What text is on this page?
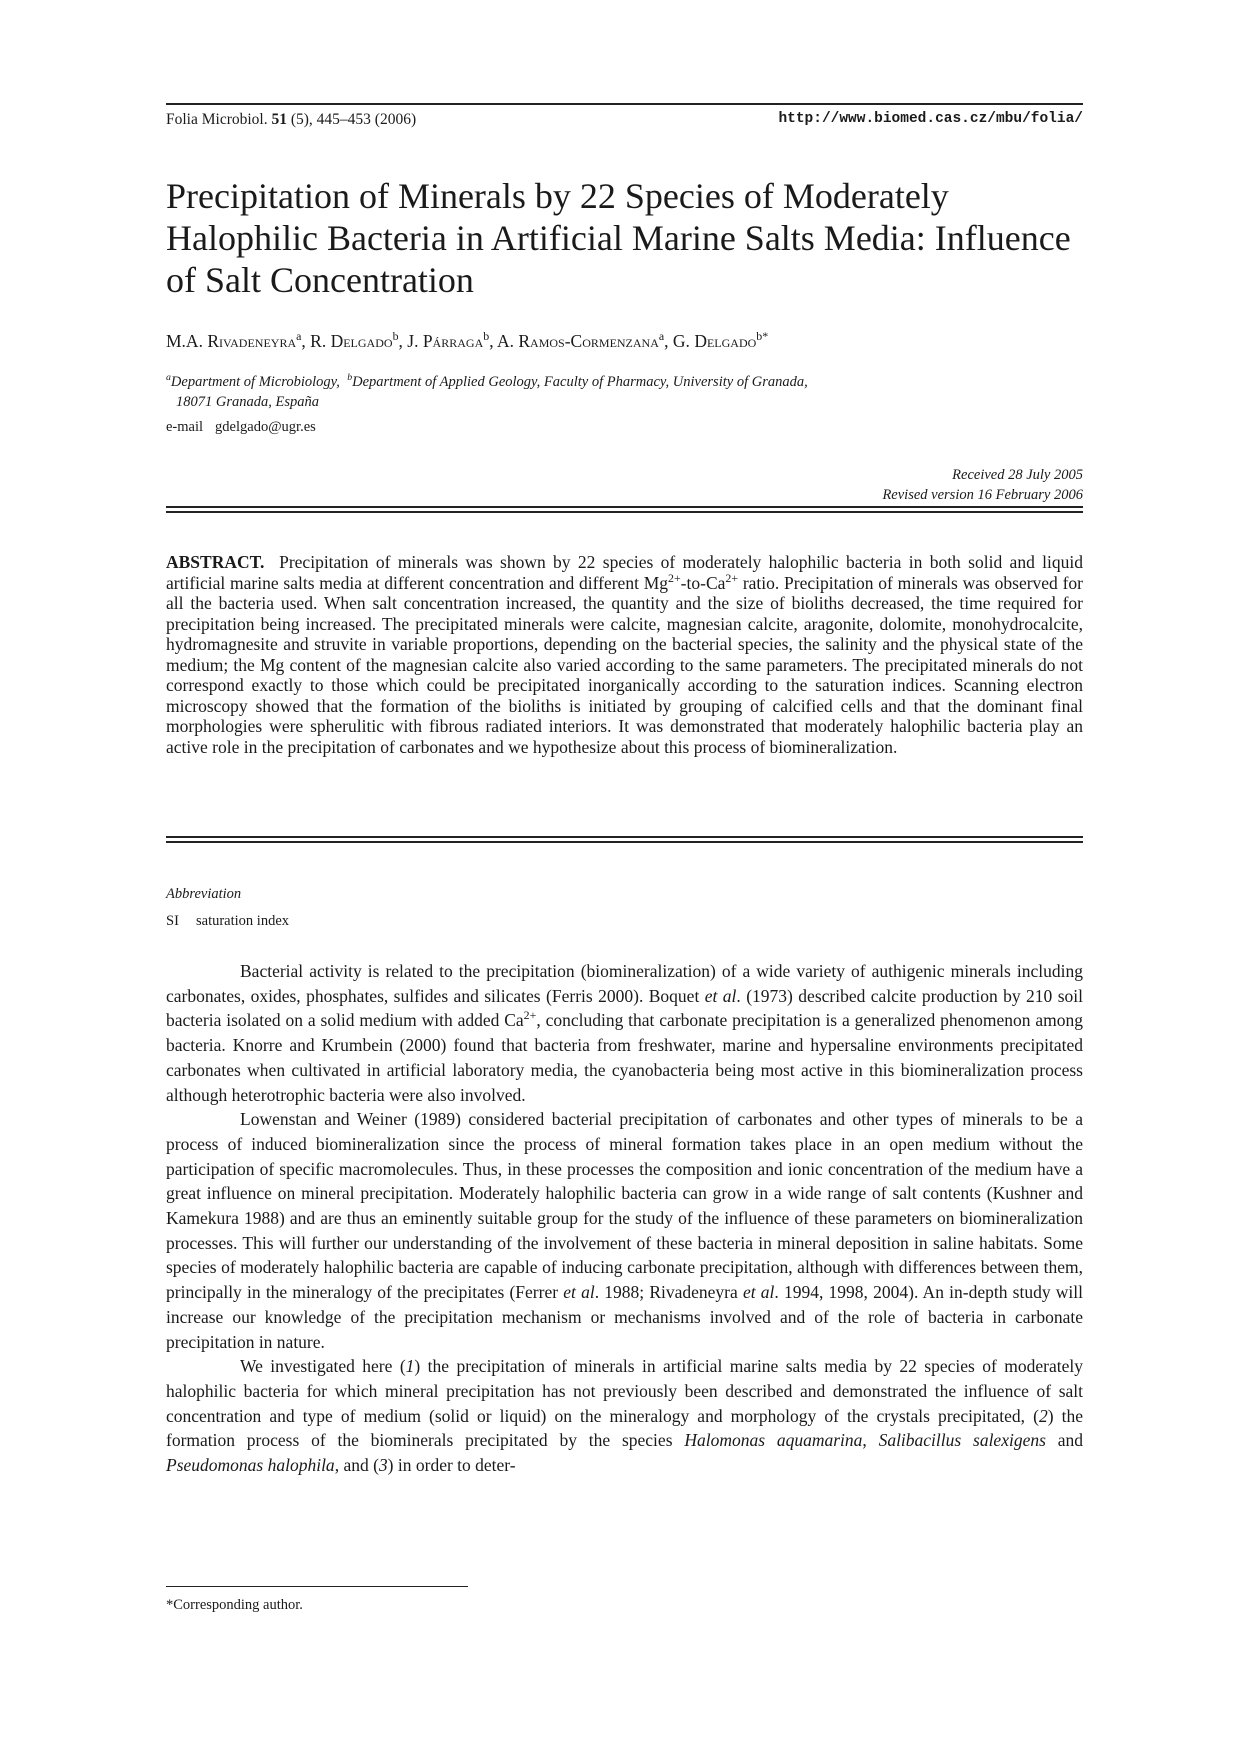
Folia Microbiol. 51 (5), 445–453 (2006)	http://www.biomed.cas.cz/mbu/folia/
Precipitation of Minerals by 22 Species of Moderately Halophilic Bacteria in Artificial Marine Salts Media: Influence of Salt Concentration
M.A. Rivadeneyra$^a$, R. Delgado$^b$, J. Párraga$^b$, A. Ramos-Cormenzana$^a$, G. Delgado$^{b*}$
$^a$Department of Microbiology, $^b$Department of Applied Geology, Faculty of Pharmacy, University of Granada,
18071 Granada, España
e-mail gdelgado@ugr.es
Received 28 July 2005
Revised version 16 February 2006

ABSTRACT. Precipitation of minerals was shown by 22 species of moderately halophilic bacteria in both solid and liquid artificial marine salts media at different concentration and different $Mg^{2+}-to-Ca^{2+}$ ratio. Precipitation of minerals was observed for all the bacteria used. When salt concentration increased, the quantity and the size of bioliths decreased, the time required for precipitation being increased. The precipitated minerals were calcite, magnesian calcite, aragonite, dolomite, monohydrocalcite, hydromagnesite and struvite in variable proportions, depending on the bacterial species, the salinity and the physical state of the medium; the Mg content of the magnesian calcite also varied according to the same parameters. The precipitated minerals do not correspond exactly to those which could be precipitated inorganically according to the saturation indices. Scanning electron microscopy showed that the formation of the bioliths is initiated by grouping of calcified cells and that the dominant final morphologies were spherulitic with fibrous radiated interiors. It was demonstrated that moderately halophilic bacteria play an active role in the precipitation of carbonates and we hypothesize about this process of biomineralization.

Abbreviation
SI saturation index

Bacterial activity is related to the precipitation (biomineralization) of a wide variety of authigenic minerals including carbonates, oxides, phosphates, sulfides and silicates (Ferris 2000). Boquet et al. (1973) described calcite production by 210 soil bacteria isolated on a solid medium with added $Ca^{2+}$, concluding that carbonate precipitation is a generalized phenomenon among bacteria. Knorre and Krumbein (2000) found that bacteria from freshwater, marine and hypersaline environments precipitated carbonates when cultivated in artificial laboratory media, the cyanobacteria being most active in this biomineralization process although heterotrophic bacteria were also involved.

Lowenstan and Weiner (1989) considered bacterial precipitation of carbonates and other types of minerals to be a process of induced biomineralization since the process of mineral formation takes place in an open medium without the participation of specific macromolecules. Thus, in these processes the composition and ionic concentration of the medium have a great influence on mineral precipitation. Moderately halophilic bacteria can grow in a wide range of salt contents (Kushner and Kamekura 1988) and are thus an eminently suitable group for the study of the influence of these parameters on biomineralization processes. This will further our understanding of the involvement of these bacteria in mineral deposition in saline habitats. Some species of moderately halophilic bacteria are capable of inducing carbonate precipitation, although with differences between them, principally in the mineralogy of the precipitates (Ferrer et al. 1988; Rivadeneyra et al. 1994, 1998, 2004). An in-depth study will increase our knowledge of the precipitation mechanism or mechanisms involved and of the role of bacteria in carbonate precipitation in nature.

We investigated here (1) the precipitation of minerals in artificial marine salts media by 22 species of moderately halophilic bacteria for which mineral precipitation has not previously been described and demonstrated the influence of salt concentration and type of medium (solid or liquid) on the mineralogy and morphology of the crystals precipitated, (2) the formation process of the biominerals precipitated by the species Halomonas aquamarina, Salibacillus salexigens and Pseudomonas halophila, and (3) in order to deter-

*Corresponding author.
